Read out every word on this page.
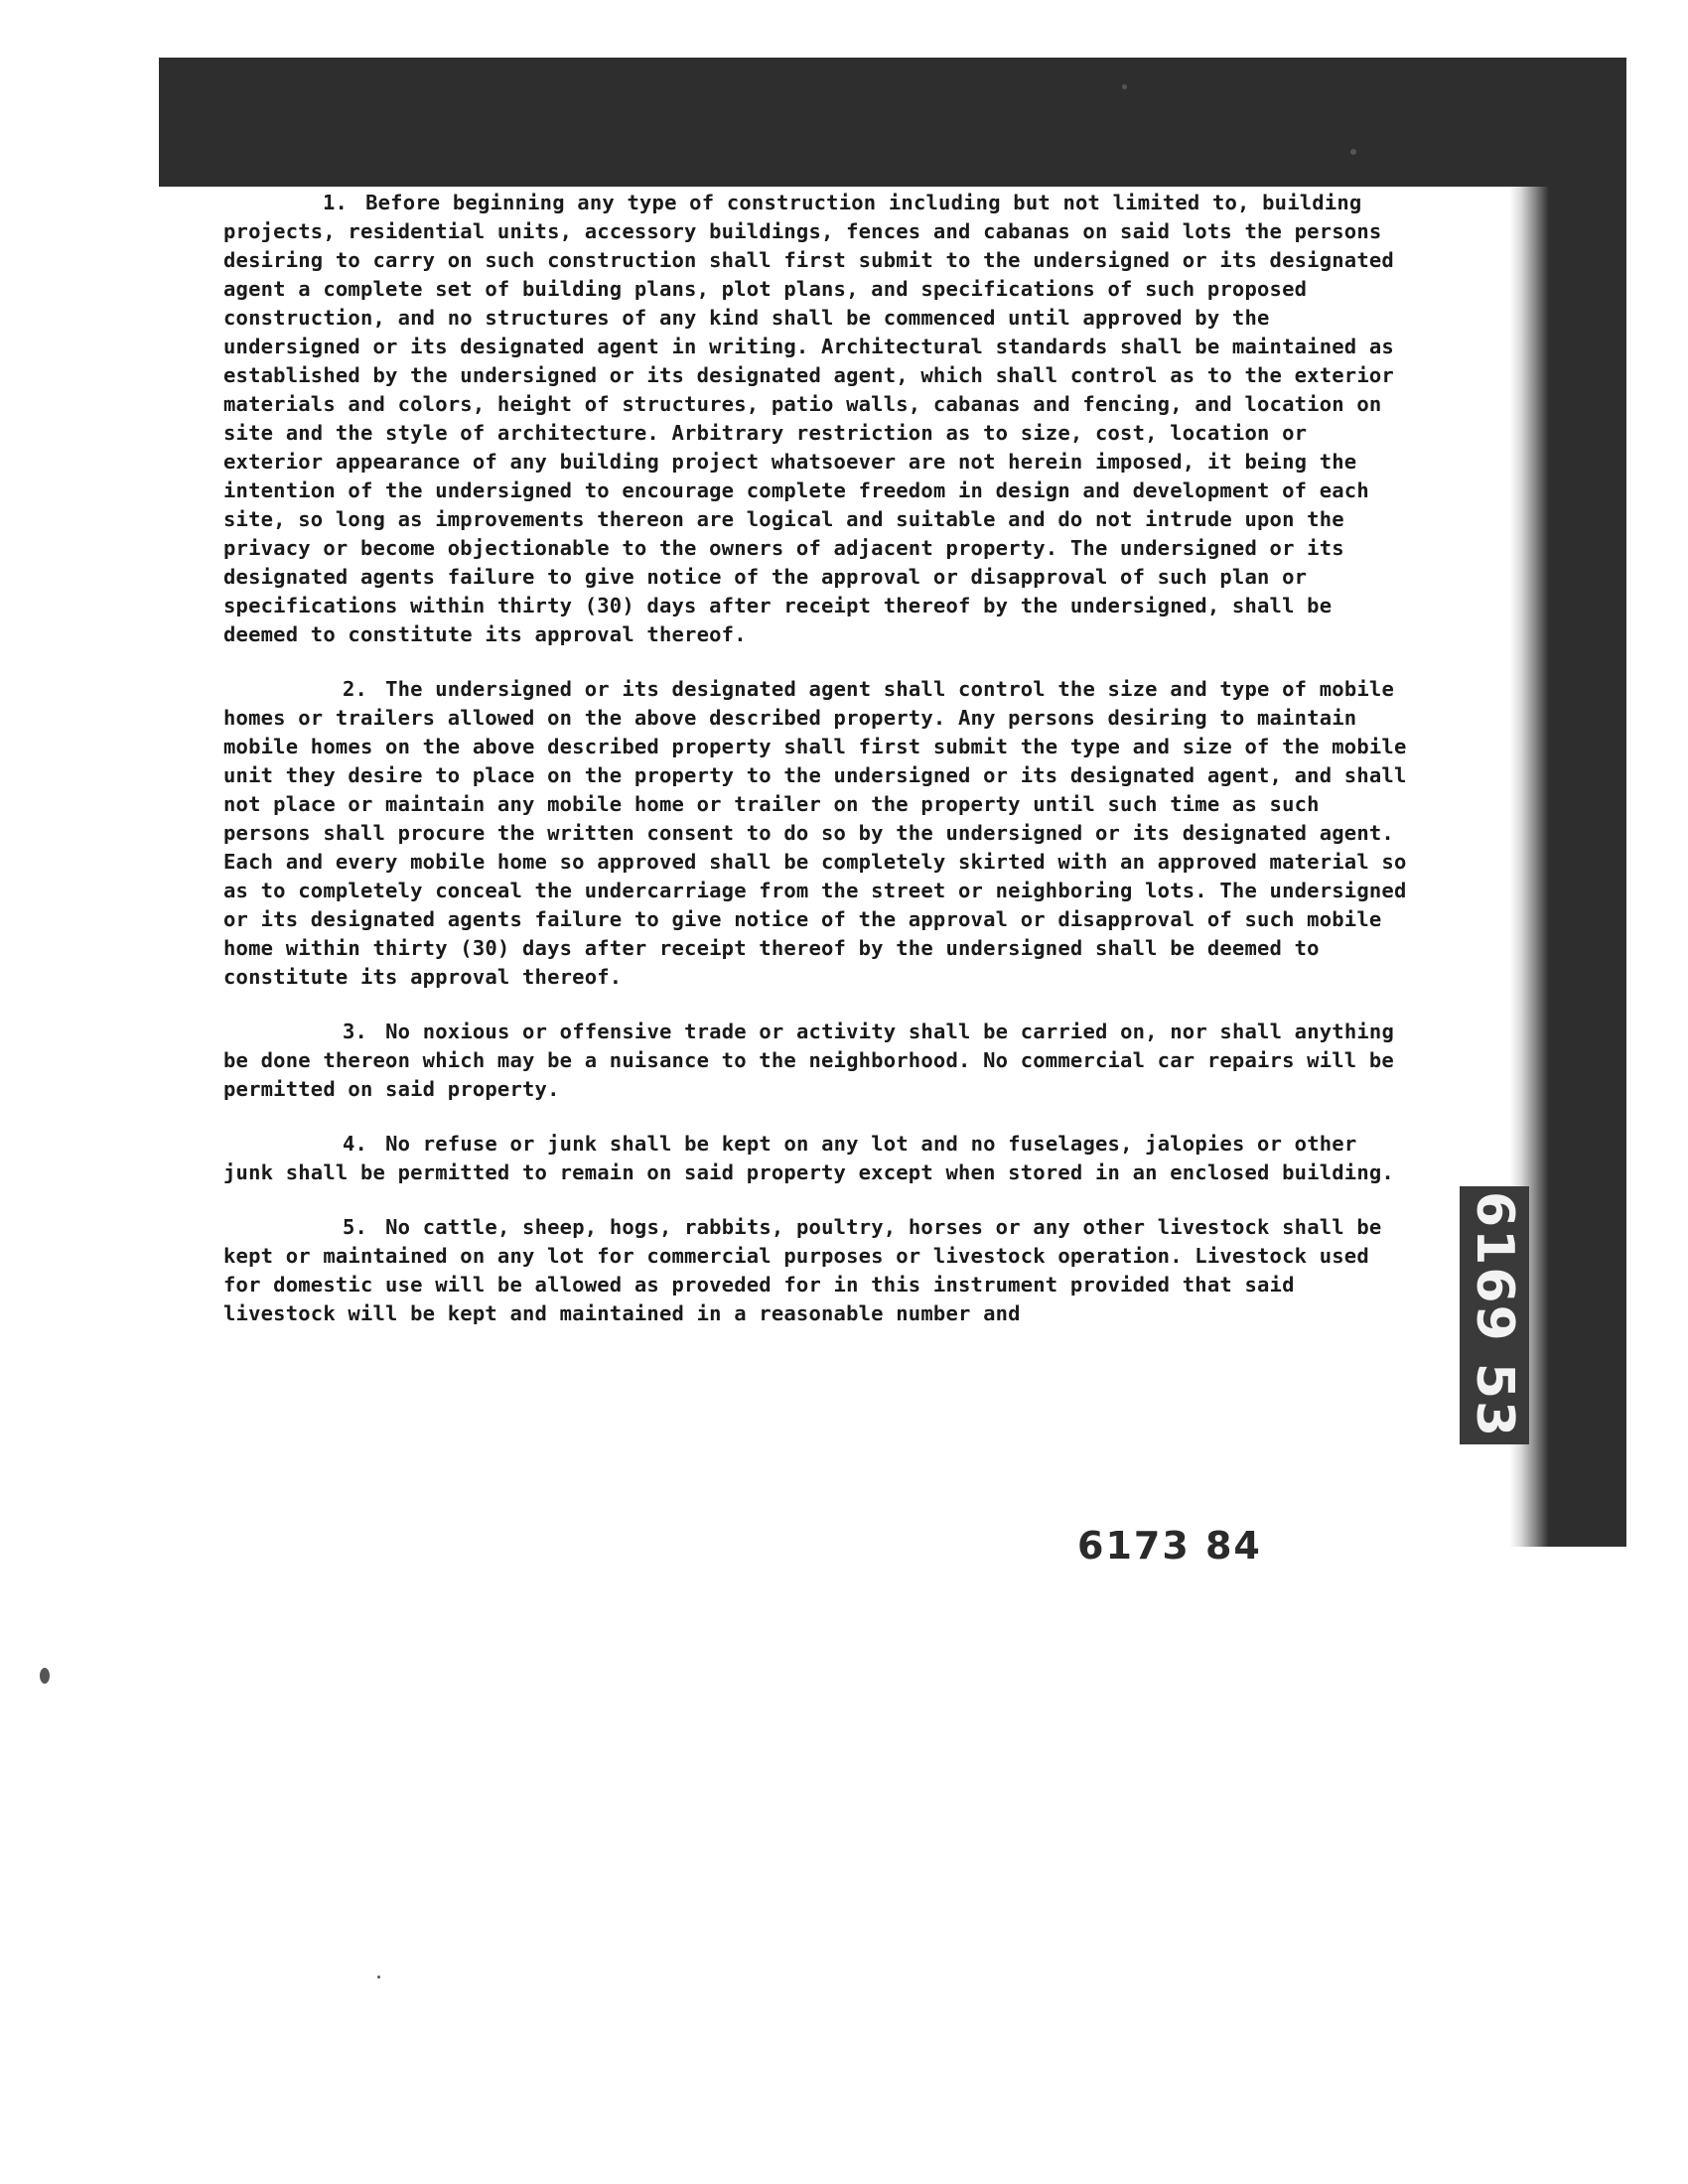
1. Before beginning any type of construction including but not limited to, building projects, residential units, accessory buildings, fences and cabanas on said lots the persons desiring to carry on such construction shall first submit to the undersigned or its designated agent a complete set of building plans, plot plans, and specifications of such proposed construction, and no structures of any kind shall be commenced until approved by the undersigned or its designated agent in writing. Architectural standards shall be maintained as established by the undersigned or its designated agent, which shall control as to the exterior materials and colors, height of structures, patio walls, cabanas and fencing, and location on site and the style of architecture. Arbitrary restriction as to size, cost, location or exterior appearance of any building project whatsoever are not herein imposed, it being the intention of the undersigned to encourage complete freedom in design and development of each site, so long as improvements thereon are logical and suitable and do not intrude upon the privacy or become objectionable to the owners of adjacent property. The undersigned or its designated agents failure to give notice of the approval or disapproval of such plan or specifications within thirty (30) days after receipt thereof by the undersigned, shall be deemed to constitute its approval thereof.

2. The undersigned or its designated agent shall control the size and type of mobile homes or trailers allowed on the above described property. Any persons desiring to maintain mobile homes on the above described property shall first submit the type and size of the mobile unit they desire to place on the property to the undersigned or its designated agent, and shall not place or maintain any mobile home or trailer on the property until such time as such persons shall procure the written consent to do so by the undersigned or its designated agent. Each and every mobile home so approved shall be completely skirted with an approved material so as to completely conceal the undercarriage from the street or neighboring lots. The undersigned or its designated agents failure to give notice of the approval or disapproval of such mobile home within thirty (30) days after receipt thereof by the undersigned shall be deemed to constitute its approval thereof.

3. No noxious or offensive trade or activity shall be carried on, nor shall anything be done thereon which may be a nuisance to the neighborhood. No commercial car repairs will be permitted on said property.

4. No refuse or junk shall be kept on any lot and no fuselages, jalopies or other junk shall be permitted to remain on said property except when stored in an enclosed building.

5. No cattle, sheep, hogs, rabbits, poultry, horses or any other livestock shall be kept or maintained on any lot for commercial purposes or livestock operation. Livestock used for domestic use will be allowed as proveded for in this instrument provided that said livestock will be kept and maintained in a reasonable number and	6169 53
6173 84
